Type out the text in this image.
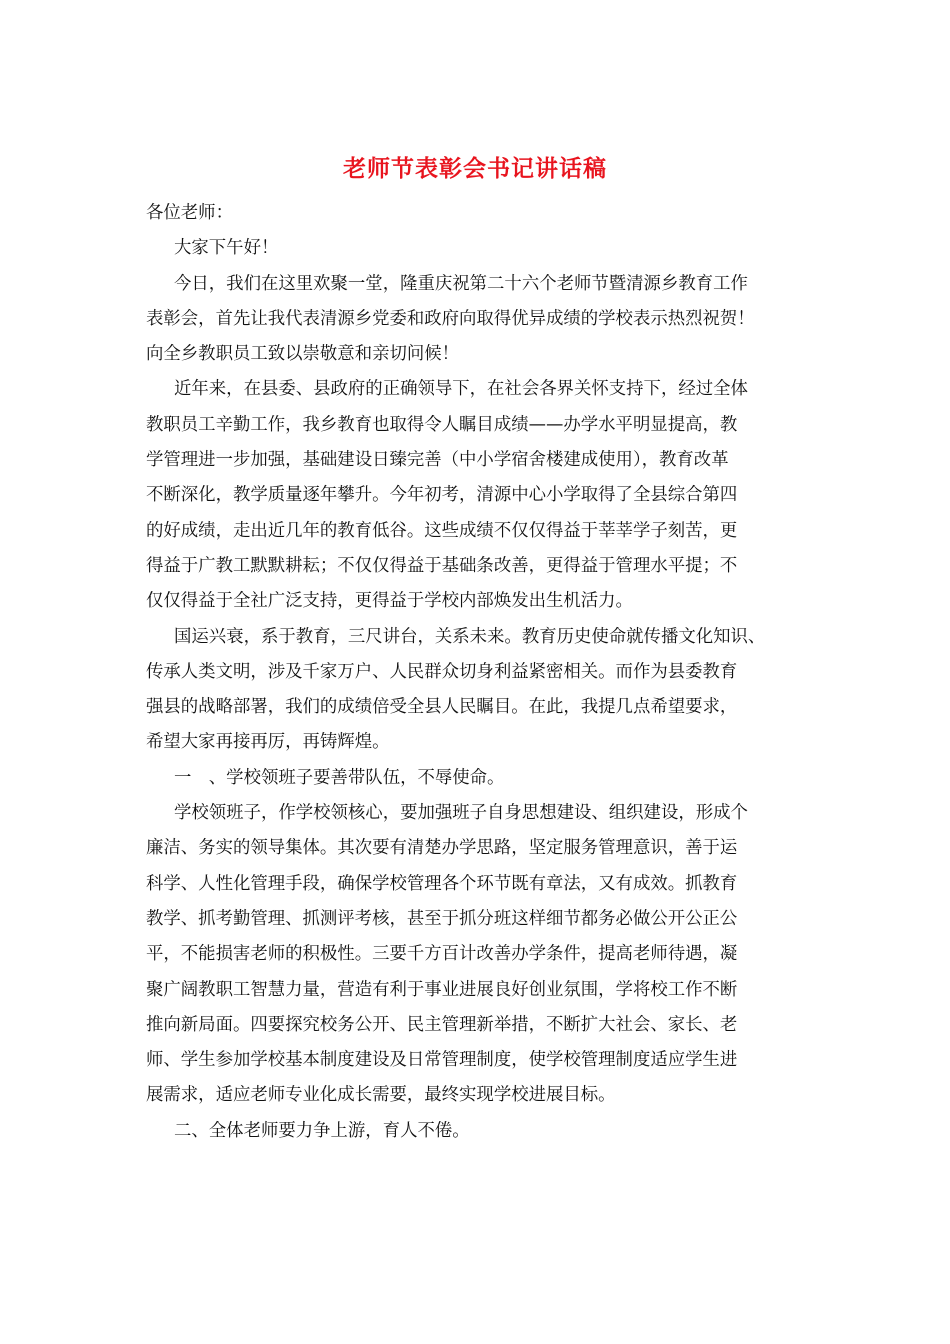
老师节表彰会书记讲话稿
各位老师：
大家下午好！
今日，我们在这里欢聚一堂，隆重庆祝第二十六个老师节暨清源乡教育工作
表彰会，首先让我代表清源乡党委和政府向取得优异成绩的学校表示热烈祝贺！
向全乡教职员工致以崇敬意和亲切问候！
近年来，在县委、县政府的正确领导下，在社会各界关怀支持下，经过全体
教职员工辛勤工作，我乡教育也取得令人瞩目成绩——办学水平明显提高，教
学管理进一步加强，基础建设日臻完善（中小学宿舍楼建成使用），教育改革
不断深化，教学质量逐年攀升。今年初考，清源中心小学取得了全县综合第四
的好成绩，走出近几年的教育低谷。这些成绩不仅仅得益于莘莘学子刻苦，更
得益于广教工默默耕耘；不仅仅得益于基础条改善，更得益于管理水平提；不
仅仅得益于全社广泛支持，更得益于学校内部焕发出生机活力。
国运兴衰，系于教育，三尺讲台，关系未来。教育历史使命就传播文化知识、
传承人类文明，涉及千家万户、人民群众切身利益紧密相关。而作为县委教育
强县的战略部署，我们的成绩倍受全县人民瞩目。在此，我提几点希望要求，
希望大家再接再厉，再铸辉煌。
一　、学校领班子要善带队伍，不辱使命。
学校领班子，作学校领核心，要加强班子自身思想建设、组织建设，形成个
廉洁、务实的领导集体。其次要有清楚办学思路，坚定服务管理意识，善于运
科学、人性化管理手段，确保学校管理各个环节既有章法，又有成效。抓教育
教学、抓考勤管理、抓测评考核，甚至于抓分班这样细节都务必做公开公正公
平，不能损害老师的积极性。三要千方百计改善办学条件，提高老师待遇，凝
聚广阔教职工智慧力量，营造有利于事业进展良好创业氛围，学将校工作不断
推向新局面。四要探究校务公开、民主管理新举措，不断扩大社会、家长、老
师、学生参加学校基本制度建设及日常管理制度，使学校管理制度适应学生进
展需求，适应老师专业化成长需要，最终实现学校进展目标。
二、全体老师要力争上游，育人不倦。
